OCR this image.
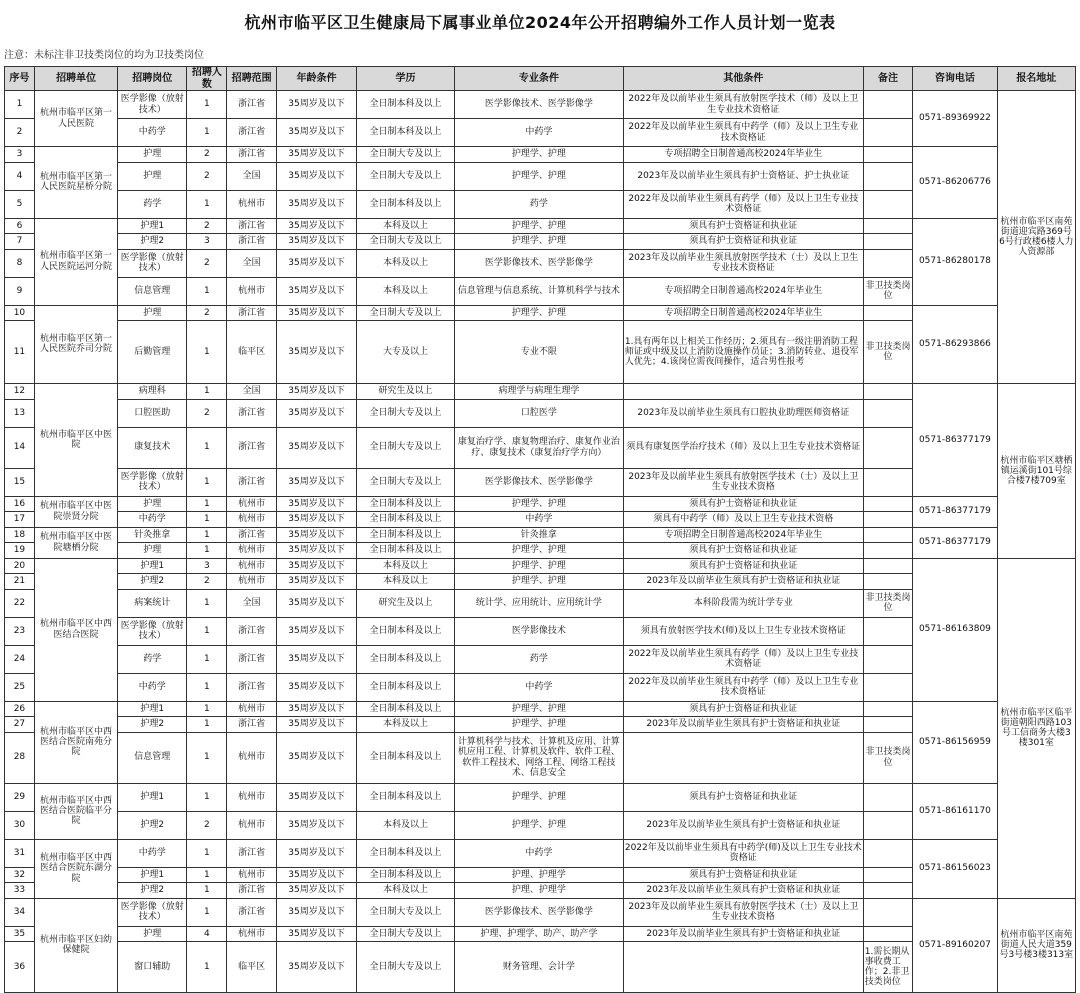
杭州市临平区卫生健康局下属事业单位2024年公开招聘编外工作人员计划一览表
注意：未标注非卫技类岗位的均为卫技类岗位
序号	招聘单位	招聘岗位	招聘人数	招聘范围	年龄条件	学历	专业条件	其他条件	备注	咨询电话	报名地址
1	杭州市临平区第一人民医院	医学影像（放射技术）	1	浙江省	35周岁及以下	全日制本科及以上	医学影像技术、医学影像学	2022年及以前毕业生须具有放射医学技术（师）及以上卫生专业技术资格证		0571-89369922	杭州市临平区南苑街道迎宾路369号6号行政楼6楼人力人资源部
2		中药学	1	浙江省	35周岁及以下	全日制本科及以上	中药学	2022年及以前毕业生须具有中药学（师）及以上卫生专业技术资格证			
3	杭州市临平区第一人民医院星桥分院	护理	2	浙江省	35周岁及以下	全日制大专及以上	护理学、护理	专项招聘全日制普通高校2024年毕业生		0571-86206776	
4		护理	2	全国	35周岁及以下	全日制大专及以上	护理学、护理	2023年及以前毕业生须具有护士资格证、护士执业证			
5		药学	1	杭州市	35周岁及以下	全日制本科及以上	药学	2022年及以前毕业生须具有药学（师）及以上卫生专业技术资格证			
6	杭州市临平区第一人民医院运河分院	护理1	2	浙江省	35周岁及以下	本科及以上	护理学、护理	须具有护士资格证和执业证		0571-86280178	
7		护理2	3	浙江省	35周岁及以下	全日制大专及以上	护理学、护理	须具有护士资格证和执业证			
8		医学影像（放射技术）	2	全国	35周岁及以下	本科及以上	医学影像技术、医学影像学	2023年及以前毕业生须具放射医学技术（士）及以上卫生专业技术资格证			
9		信息管理	1	杭州市	35周岁及以下	本科及以上	信息管理与信息系统、计算机科学与技术	专项招聘全日制普通高校2024年毕业生	非卫技类岗位		
10	杭州市临平区第一人民医院乔司分院	护理	2	浙江省	35周岁及以下	全日制大专及以上	护理学、护理	专项招聘全日制普通高校2024年毕业生		0571-86293866	
11		后勤管理	1	临平区	35周岁及以下	大专及以上	专业不限	1.具有两年以上相关工作经历；2.须具有一级注册消防工程师证或中级及以上消防设施操作员证；3.消防转业、退役军人优先；4.该岗位需夜间操作，适合男性报考	非卫技类岗位		
12	杭州市临平区中医院	病理科	1	全国	35周岁及以下	研究生及以上	病理学与病理生理学			0571-86377179	杭州市临平区塘栖镇运溪街101号综合楼7楼709室
13		口腔医助	2	浙江省	35周岁及以下	全日制大专及以上	口腔医学	2023年及以前毕业生须具有口腔执业助理医师资格证			
14		康复技术	1	浙江省	35周岁及以下	全日制大专及以上	康复治疗学、康复物理治疗、康复作业治疗、康复技术（康复治疗学方向）	须具有康复医学治疗技术（师）及以上卫生专业技术资格证			
15		医学影像（放射技术）	1	浙江省	35周岁及以下	全日制大专及以上	医学影像技术、医学影像学	2023年及以前毕业生须具有放射医学技术（士）及以上卫生专业技术资格			
16	杭州市临平区中医院崇贤分院	护理	1	杭州市	35周岁及以下	全日制本科及以上	护理学、护理	须具有护士资格证和执业证		0571-86377179	
17		中药学	1	杭州市	35周岁及以下	全日制本科及以上	中药学	须具有中药学（师）及以上卫生专业技术资格			
18	杭州市临平区中医院塘栖分院	针灸推拿	1	浙江省	35周岁及以下	全日制本科及以上	针灸推拿	专项招聘全日制普通高校2024年毕业生		0571-86377179	
19		护理	1	杭州市	35周岁及以下	全日制本科及以上	护理学、护理	须具有护士资格证和执业证			
20	杭州市临平区中西医结合医院	护理1	3	杭州市	35周岁及以下	本科及以上	护理学、护理	须具有护士资格证和执业证		0571-86163809	杭州市临平区临平街道朝阳西路103号工信商务大楼3楼301室
21		护理2	2	杭州市	35周岁及以下	本科及以上	护理学、护理	2023年及以前毕业生须具有护士资格证和执业证			
22		病案统计	1	全国	35周岁及以下	研究生及以上	统计学、应用统计、应用统计学	本科阶段需为统计学专业	非卫技类岗位		
23		医学影像（放射技术）	1	浙江省	35周岁及以下	全日制本科及以上	医学影像技术	须具有放射医学技术(师)及以上卫生专业技术资格证			
24		药学	1	浙江省	35周岁及以下	全日制本科及以上	药学	2022年及以前毕业生须具有药学（师）及以上卫生专业技术资格证			
25		中药学	1	浙江省	35周岁及以下	全日制本科及以上	中药学	2022年及以前毕业生须具有中药学（师）及以上卫生专业技术资格证			
26	杭州市临平区中西医结合医院南苑分院	护理1	1	杭州市	35周岁及以下	全日制本科及以上	护理学、护理	须具有护士资格证和执业证		0571-86156959	
27		护理2	1	浙江省	35周岁及以下	本科及以上	护理学、护理	2023年及以前毕业生须具有护士资格证和执业证			
28		信息管理	1	杭州市	35周岁及以下	全日制本科及以上	计算机科学与技术、计算机及应用、计算机应用工程、计算机及软件、软件工程、软件工程技术、网络工程、网络工程技术、信息安全		非卫技类岗位		
29	杭州市临平区中西医结合医院临平分院	护理1	1	杭州市	35周岁及以下	全日制本科及以上	护理学、护理	须具有护士资格证和执业证		0571-86161170	
30		护理2	2	杭州市	35周岁及以下	本科及以上	护理学、护理	2023年及以前毕业生须具有护士资格证和执业证			
31	杭州市临平区中西医结合医院东湖分院	中药学	1	浙江省	35周岁及以下	全日制本科及以上	中药学	2022年及以前毕业生须具有中药学(师)及以上卫生专业技术资格证		0571-86156023	
32		护理1	1	杭州市	35周岁及以下	全日制本科及以上	护理、护理学	须具有护士资格证和执业证			
33		护理2	1	浙江省	35周岁及以下	本科及以上	护理、护理学	2023年及以前毕业生须具有护士资格证和执业证			
34	杭州市临平区妇幼保健院	医学影像（放射技术）	1	浙江省	35周岁及以下	全日制大专及以上	医学影像技术、医学影像学	2023年及以前毕业生须具有放射医学技术（士）及以上卫生专业技术资格		0571-89160207	杭州市临平区南苑街道人民大道359号3号楼3楼313室
35		护理	4	杭州市	35周岁及以下	全日制大专及以上	护理、护理学、助产、助产学	2023年及以前毕业生须具有护士资格证和执业证			
36		窗口辅助	1	临平区	35周岁及以下	全日制大专及以上	财务管理、会计学		1.需长期从事收费工作；2.非卫技类岗位		
